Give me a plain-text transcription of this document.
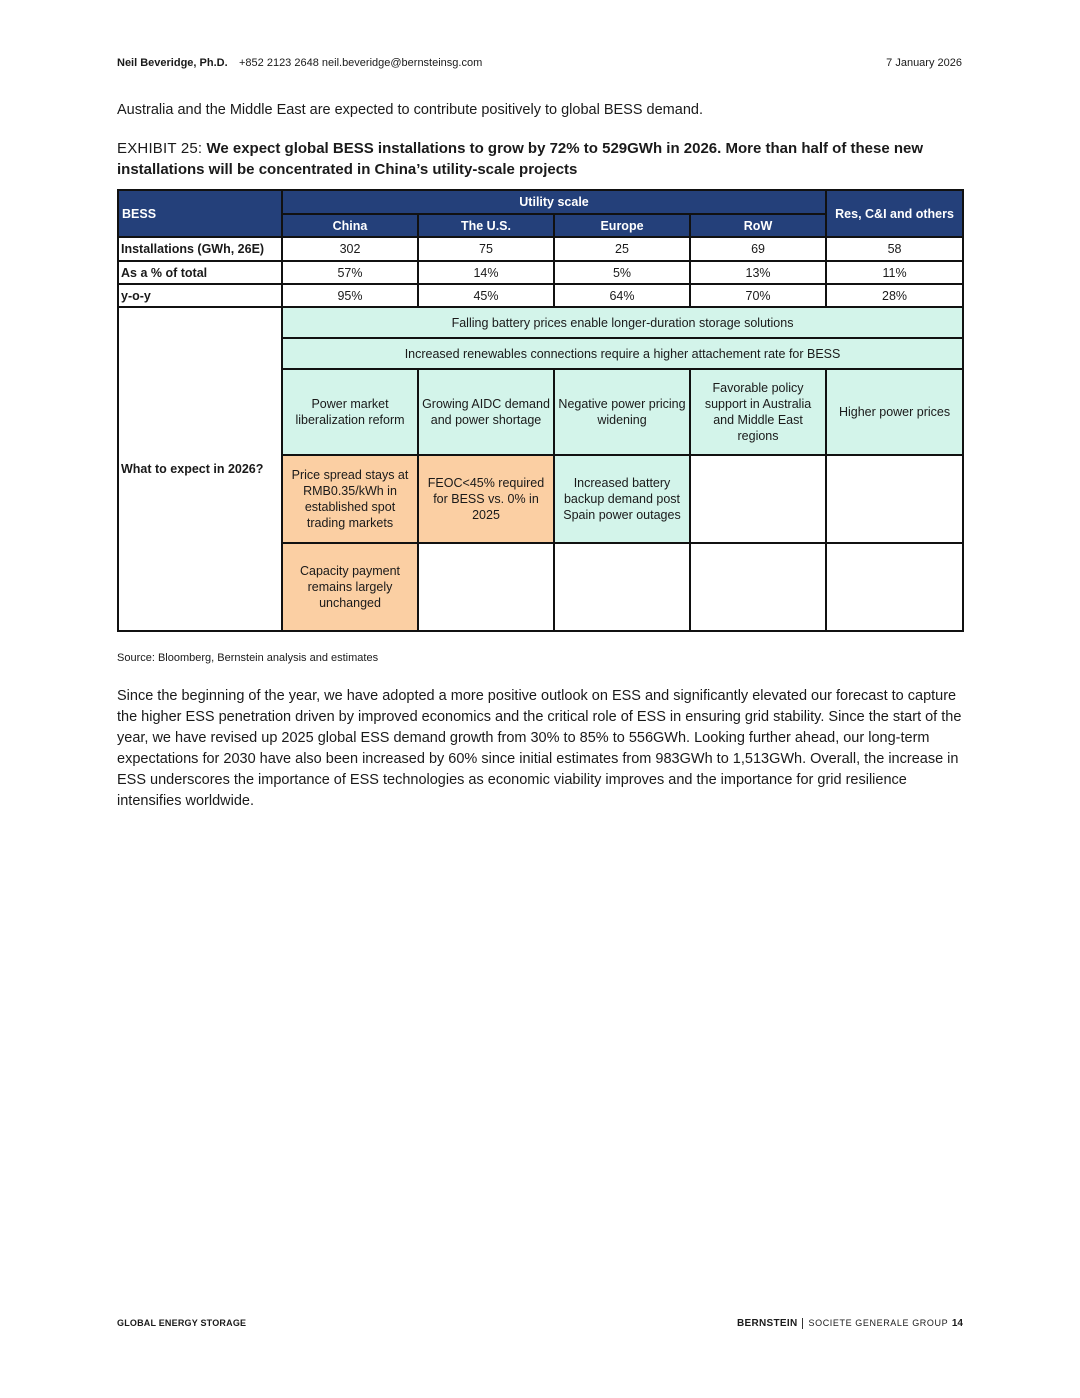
Neil Beveridge, Ph.D. +852 2123 2648 neil.beveridge@bernsteinsg.com	7 January 2026

Australia and the Middle East are expected to contribute positively to global BESS demand.

EXHIBIT 25: We expect global BESS installations to grow by 72% to 529GWh in 2026. More than half of these new installations will be concentrated in China’s utility-scale projects
BESS	Utility scale				Res, C&I and others
	China	The U.S.	Europe	RoW	
Installations (GWh, 26E)	302	75	25	69	58
As a % of total	57%	14%	5%	13%	11%
y-o-y	95%	45%	64%	70%	28%
What to expect in 2026?	Falling battery prices enable longer-duration storage solutions				
	Increased renewables connections require a higher attachement rate for BESS				
	Power market liberalization reform	Growing AIDC demand and power shortage	Negative power pricing widening	Favorable policy support in Australia and Middle East regions	Higher power prices
	Price spread stays at RMB0.35/kWh in established spot trading markets	FEOC<45% required for BESS vs. 0% in 2025	Increased battery backup demand post Spain power outages		
	Capacity payment remains largely unchanged				
Source: Bloomberg, Bernstein analysis and estimates

Since the beginning of the year, we have adopted a more positive outlook on ESS and significantly elevated our forecast to capture the higher ESS penetration driven by improved economics and the critical role of ESS in ensuring grid stability. Since the start of the year, we have revised up 2025 global ESS demand growth from 30% to 85% to 556GWh. Looking further ahead, our long-term expectations for 2030 have also been increased by 60% since initial estimates from 983GWh to 1,513GWh. Overall, the increase in ESS underscores the importance of ESS technologies as economic viability improves and the importance for grid resilience intensifies worldwide.

GLOBAL ENERGY STORAGE	BERNSTEIN SOCIETE GENERALE GROUP 14
